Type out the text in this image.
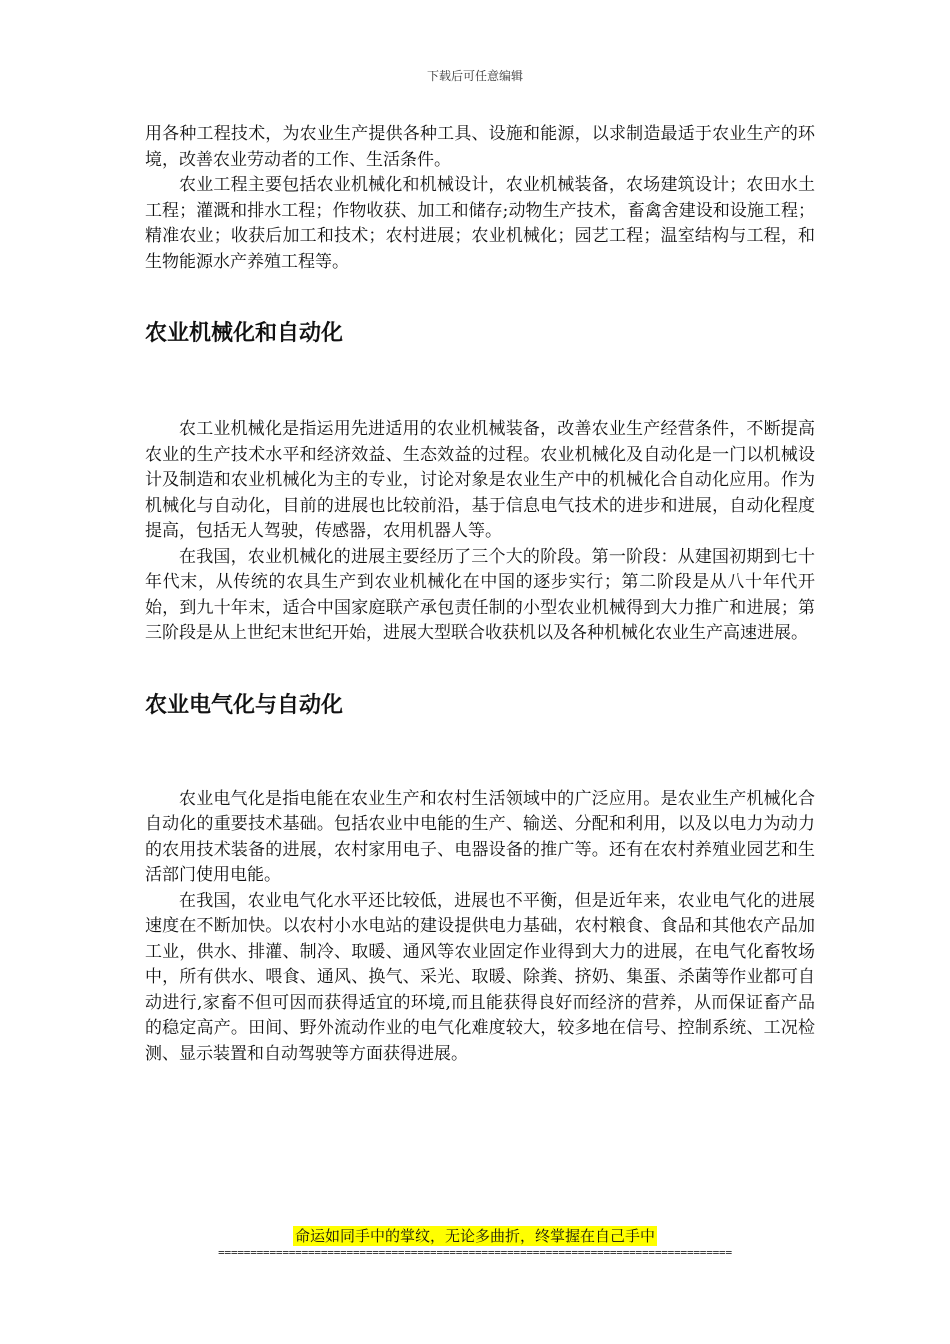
下载后可任意编辑

用各种工程技术，为农业生产提供各种工具、设施和能源，以求制造最适于农业生产的环境，改善农业劳动者的工作、生活条件。

农业工程主要包括农业机械化和机械设计，农业机械装备，农场建筑设计；农田水土工程；灌溉和排水工程；作物收获、加工和储存;动物生产技术，畜禽舍建设和设施工程；精准农业；收获后加工和技术；农村进展；农业机械化；园艺工程；温室结构与工程，和生物能源水产养殖工程等。

农业机械化和自动化

农工业机械化是指运用先进适用的农业机械装备，改善农业生产经营条件，不断提高农业的生产技术水平和经济效益、生态效益的过程。农业机械化及自动化是一门以机械设计及制造和农业机械化为主的专业，讨论对象是农业生产中的机械化合自动化应用。作为机械化与自动化，目前的进展也比较前沿，基于信息电气技术的进步和进展，自动化程度提高，包括无人驾驶，传感器，农用机器人等。

在我国，农业机械化的进展主要经历了三个大的阶段。第一阶段：从建国初期到七十年代末，从传统的农具生产到农业机械化在中国的逐步实行；第二阶段是从八十年代开始，到九十年末，适合中国家庭联产承包责任制的小型农业机械得到大力推广和进展；第三阶段是从上世纪末世纪开始，进展大型联合收获机以及各种机械化农业生产高速进展。

农业电气化与自动化

农业电气化是指电能在农业生产和农村生活领域中的广泛应用。是农业生产机械化合自动化的重要技术基础。包括农业中电能的生产、输送、分配和利用，以及以电力为动力的农用技术装备的进展，农村家用电子、电器设备的推广等。还有在农村养殖业园艺和生活部门使用电能。

在我国，农业电气化水平还比较低，进展也不平衡，但是近年来，农业电气化的进展速度在不断加快。以农村小水电站的建设提供电力基础，农村粮食、食品和其他农产品加工业，供水、排灌、制冷、取暖、通风等农业固定作业得到大力的进展，在电气化畜牧场中，所有供水、喂食、通风、换气、采光、取暖、除粪、挤奶、集蛋、杀菌等作业都可自动进行,家畜不但可因而获得适宜的环境,而且能获得良好而经济的营养，从而保证畜产品的稳定高产。田间、野外流动作业的电气化难度较大，较多地在信号、控制系统、工况检测、显示装置和自动驾驶等方面获得进展。

命运如同手中的掌纹，无论多曲折，终掌握在自己手中
================================================================================
